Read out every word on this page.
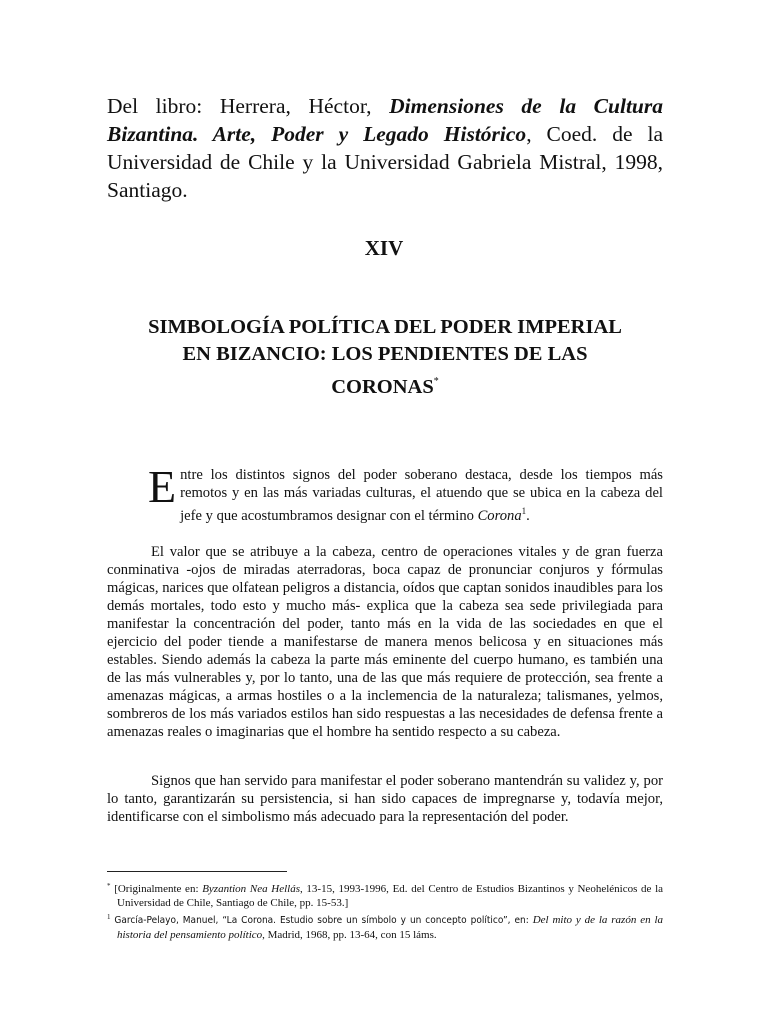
Del libro: Herrera, Héctor, Dimensiones de la Cultura Bizantina. Arte, Poder y Legado Histórico, Coed. de la Universidad de Chile y la Universidad Gabriela Mistral, 1998, Santiago.
XIV
SIMBOLOGÍA POLÍTICA DEL PODER IMPERIAL
EN BIZANCIO: LOS PENDIENTES DE LAS
CORONAS*
Entre los distintos signos del poder soberano destaca, desde los tiempos más remotos y en las más variadas culturas, el atuendo que se ubica en la cabeza del jefe y que acostumbramos designar con el término Corona$^1$.
El valor que se atribuye a la cabeza, centro de operaciones vitales y de gran fuerza conminativa -ojos de miradas aterradoras, boca capaz de pronunciar conjuros y fórmulas mágicas, narices que olfatean peligros a distancia, oídos que captan sonidos inaudibles para los demás mortales, todo esto y mucho más- explica que la cabeza sea sede privilegiada para manifestar la concentración del poder, tanto más en la vida de las sociedades en que el ejercicio del poder tiende a manifestarse de manera menos belicosa y en situaciones más estables. Siendo además la cabeza la parte más eminente del cuerpo humano, es también una de las más vulnerables y, por lo tanto, una de las que más requiere de protección, sea frente a amenazas mágicas, a armas hostiles o a la inclemencia de la naturaleza; talismanes, yelmos, sombreros de los más variados estilos han sido respuestas a las necesidades de defensa frente a amenazas reales o imaginarias que el hombre ha sentido respecto a su cabeza.
Signos que han servido para manifestar el poder soberano mantendrán su validez y, por lo tanto, garantizarán su persistencia, si han sido capaces de impregnarse y, todavía mejor, identificarse con el simbolismo más adecuado para la representación del poder.

* [Originalmente en: Byzantion Nea Hellás, 13-15, 1993-1996, Ed. del Centro de Estudios Bizantinos y Neohelénicos de la Universidad de Chile, Santiago de Chile, pp. 15-53.]

$^1$ García-Pelayo, Manuel, “La Corona. Estudio sobre un símbolo y un concepto político”, en: Del mito y de la razón en la historia del pensamiento político, Madrid, 1968, pp. 13-64, con 15 láms.
